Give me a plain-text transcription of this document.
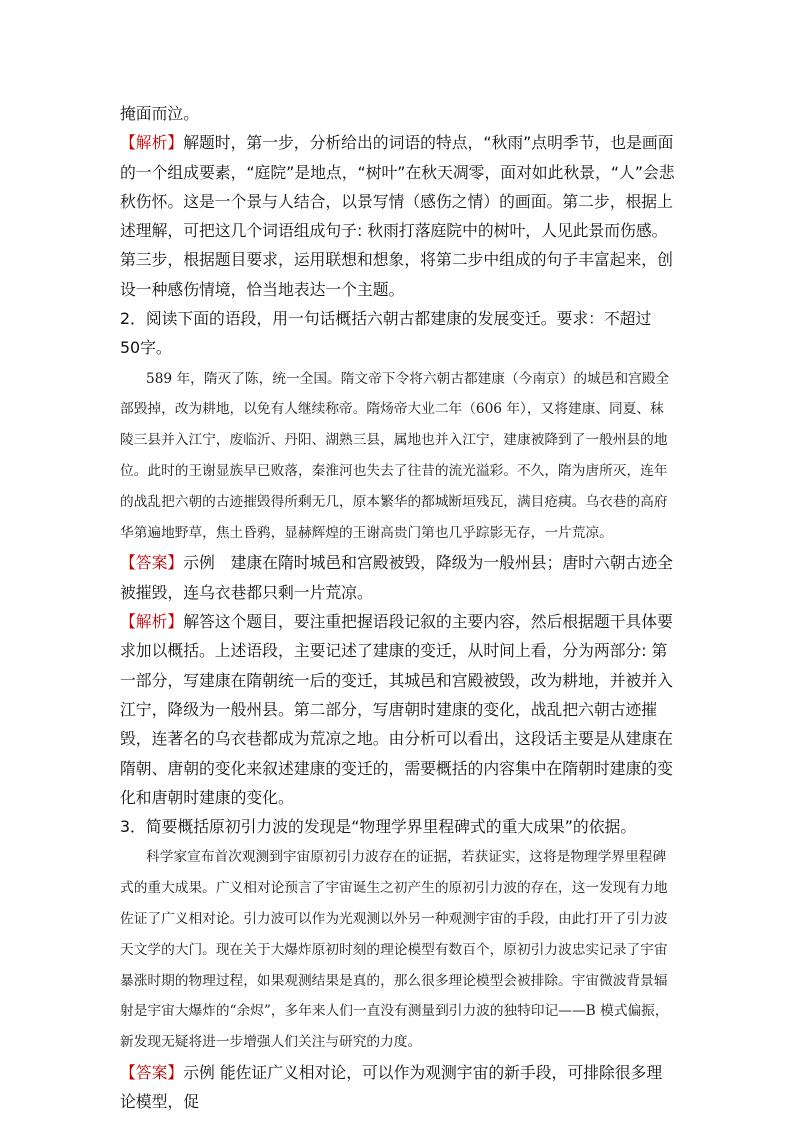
掩面而泣。

【解析】解题时，第一步，分析给出的词语的特点，“秋雨”点明季节，也是画面的一个组成要素，“庭院”是地点，“树叶”在秋天凋零，面对如此秋景，“人”会悲秋伤怀。这是一个景与人结合，以景写情（感伤之情）的画面。第二步，根据上述理解，可把这几个词语组成句子: 秋雨打落庭院中的树叶，人见此景而伤感。第三步，根据题目要求，运用联想和想象，将第二步中组成的句子丰富起来，创设一种感伤情境，恰当地表达一个主题。

2．阅读下面的语段，用一句话概括六朝古都建康的发展变迁。要求：不超过 50字。

589 年，隋灭了陈，统一全国。隋文帝下令将六朝古都建康（今南京）的城邑和宫殿全部毁掉，改为耕地，以免有人继续称帝。隋炀帝大业二年（606 年），又将建康、同夏、秣陵三县并入江宁，废临沂、丹阳、湖熟三县，属地也并入江宁，建康被降到了一般州县的地位。此时的王谢显族早已败落，秦淮河也失去了往昔的流光溢彩。不久，隋为唐所灭，连年的战乱把六朝的古迹摧毁得所剩无几，原本繁华的都城断垣残瓦，满目疮痍。乌衣巷的高府华第遍地野草，焦土昏鸦，显赫辉煌的王谢高贵门第也几乎踪影无存，一片荒凉。

【答案】示例　建康在隋时城邑和宫殿被毁，降级为一般州县；唐时六朝古迹全被摧毁，连乌衣巷都只剩一片荒凉。

【解析】解答这个题目，要注重把握语段记叙的主要内容，然后根据题干具体要求加以概括。上述语段，主要记述了建康的变迁，从时间上看，分为两部分: 第一部分，写建康在隋朝统一后的变迁，其城邑和宫殿被毁，改为耕地，并被并入江宁，降级为一般州县。第二部分，写唐朝时建康的变化，战乱把六朝古迹摧毁，连著名的乌衣巷都成为荒凉之地。由分析可以看出，这段话主要是从建康在隋朝、唐朝的变化来叙述建康的变迁的，需要概括的内容集中在隋朝时建康的变化和唐朝时建康的变化。

3．简要概括原初引力波的发现是“物理学界里程碑式的重大成果”的依据。

科学家宣布首次观测到宇宙原初引力波存在的证据，若获证实，这将是物理学界里程碑式的重大成果。广义相对论预言了宇宙诞生之初产生的原初引力波的存在，这一发现有力地佐证了广义相对论。引力波可以作为光观测以外另一种观测宇宙的手段，由此打开了引力波天文学的大门。现在关于大爆炸原初时刻的理论模型有数百个，原初引力波忠实记录了宇宙暴涨时期的物理过程，如果观测结果是真的，那么很多理论模型会被排除。宇宙微波背景辐射是宇宙大爆炸的“余烬”，多年来人们一直没有测量到引力波的独特印记——B 模式偏振，新发现无疑将进一步增强人们关注与研究的力度。

【答案】示例 能佐证广义相对论，可以作为观测宇宙的新手段，可排除很多理论模型，促
